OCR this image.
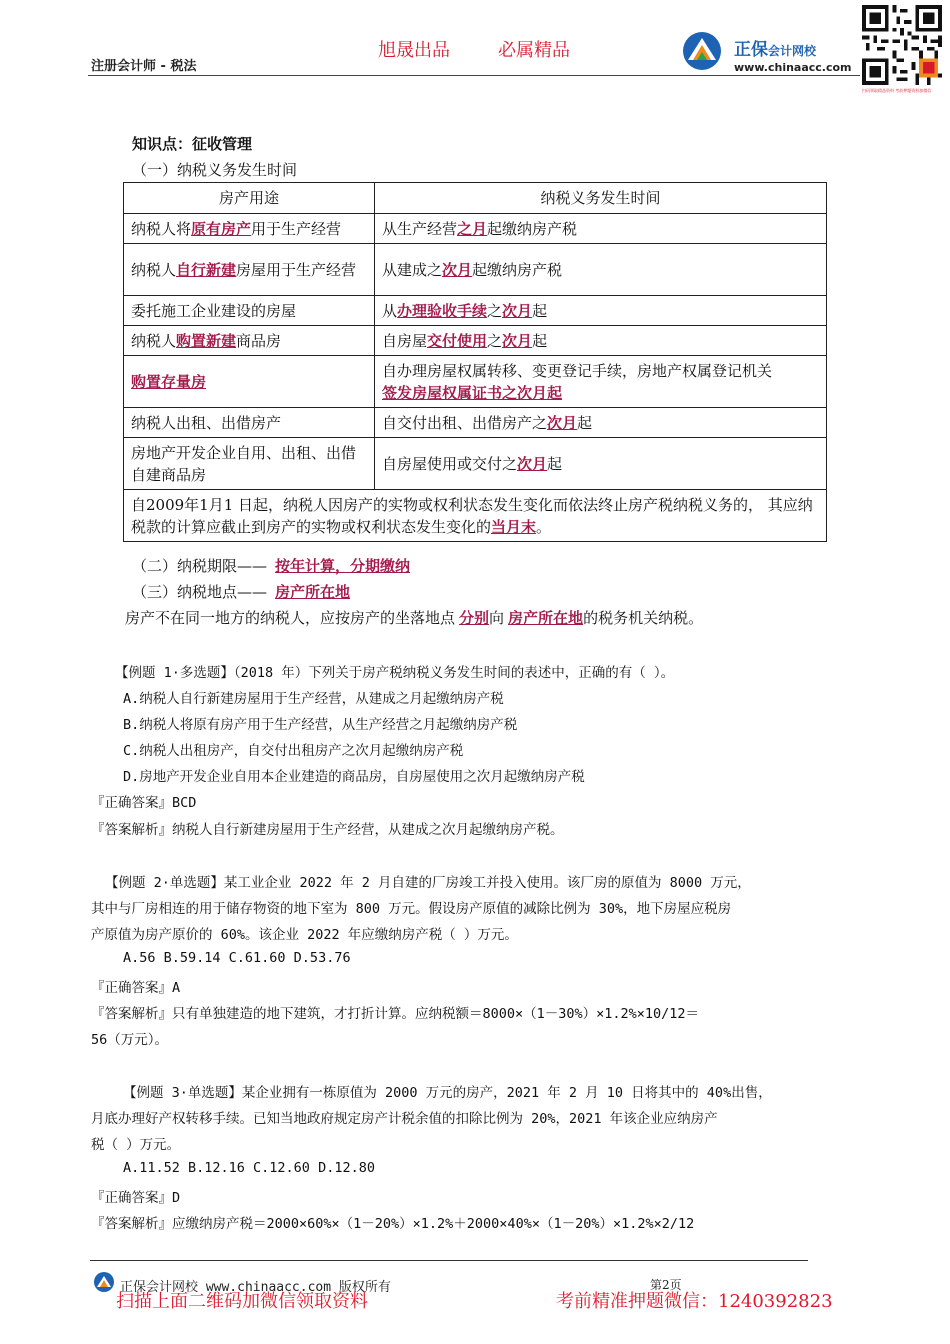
注册会计师 - 税法
旭晟出品	必属精品	正保会计网校
www.chinaacc.com
扫码领取精品资料 考前押题资料加微信
知识点：征收管理
（一）纳税义务发生时间
房产用途	纳税义务发生时间
纳税人将原有房产用于生产经营	从生产经营之月起缴纳房产税
纳税人自行新建房屋用于生产经营	从建成之次月起缴纳房产税
委托施工企业建设的房屋	从办理验收手续之次月起
纳税人购置新建商品房	自房屋交付使用之次月起
购置存量房	自办理房屋权属转移、变更登记手续，房地产权属登记机关
签发房屋权属证书之次月起
纳税人出租、出借房产	自交付出租、出借房产之次月起
房地产开发企业自用、出租、出借自建商品房	自房屋使用或交付之次月起
自2009年1月1 日起，纳税人因房产的实物或权利状态发生变化而依法终止房产税纳税义务的， 其应纳税款的计算应截止到房产的实物或权利状态发生变化的当月末。	
（二）纳税期限—— 按年计算，分期缴纳
（三）纳税地点—— 房产所在地
房产不在同一地方的纳税人，应按房产的坐落地点 分别向 房产所在地的税务机关纳税。
【例题 1·多选题】（2018 年）下列关于房产税纳税义务发生时间的表述中，正确的有（ ）。
A.纳税人自行新建房屋用于生产经营，从建成之月起缴纳房产税
B.纳税人将原有房产用于生产经营，从生产经营之月起缴纳房产税
C.纳税人出租房产，自交付出租房产之次月起缴纳房产税
D.房地产开发企业自用本企业建造的商品房，自房屋使用之次月起缴纳房产税
『正确答案』BCD
『答案解析』纳税人自行新建房屋用于生产经营，从建成之次月起缴纳房产税。
【例题 2·单选题】某工业企业 2022 年 2 月自建的厂房竣工并投入使用。该厂房的原值为 8000 万元，
其中与厂房相连的用于储存物资的地下室为 800 万元。假设房产原值的减除比例为 30%，地下房屋应税房
产原值为房产原价的 60%。该企业 2022 年应缴纳房产税（ ）万元。
A.56 B.59.14 C.61.60 D.53.76
『正确答案』A
『答案解析』只有单独建造的地下建筑，才打折计算。应纳税额＝8000×（1－30%）×1.2%×10/12＝
56（万元）。
【例题 3·单选题】某企业拥有一栋原值为 2000 万元的房产，2021 年 2 月 10 日将其中的 40%出售，
月底办理好产权转移手续。已知当地政府规定房产计税余值的扣除比例为 20%，2021 年该企业应纳房产
税（ ）万元。
A.11.52 B.12.16 C.12.60 D.12.80
『正确答案』D
『答案解析』应缴纳房产税＝2000×60%×（1－20%）×1.2%＋2000×40%×（1－20%）×1.2%×2/12
正保会计网校 www.chinaacc.com 版权所有	第2页
扫描上面二维码加微信领取资料	考前精准押题微信：1240392823
